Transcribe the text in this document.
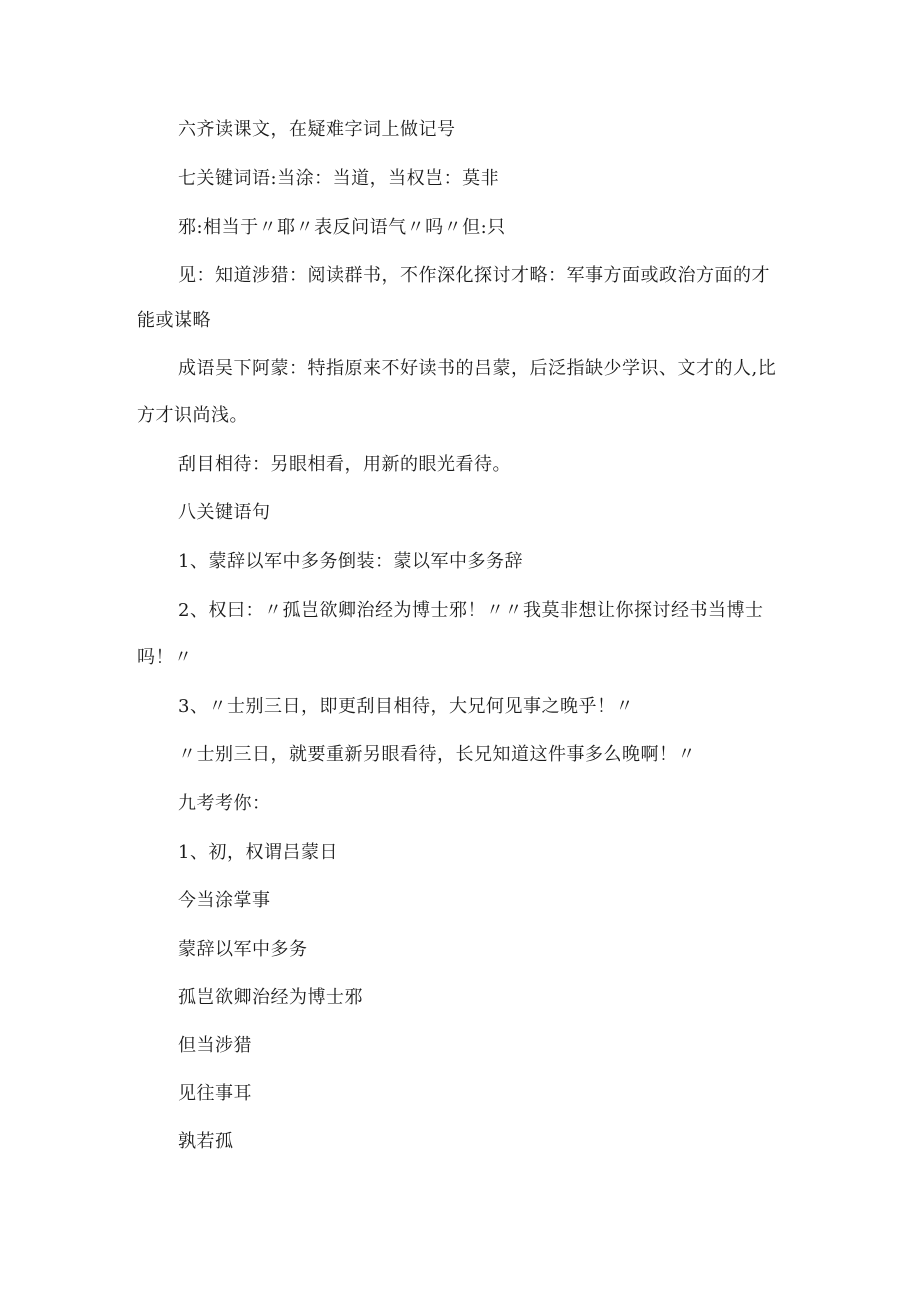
六齐读课文，在疑难字词上做记号
七关键词语:当涂：当道，当权岂：莫非
邪:相当于〃耶〃表反问语气〃吗〃但:只
见：知道涉猎：阅读群书，不作深化探讨才略：军事方面或政治方面的才
能或谋略
成语吴下阿蒙：特指原来不好读书的吕蒙，后泛指缺少学识、文才的人,比
方才识尚浅。
刮目相待：另眼相看，用新的眼光看待。
八关键语句
1、蒙辞以军中多务倒装：蒙以军中多务辞
2、权曰：〃孤岂欲卿治经为博士邪！〃〃我莫非想让你探讨经书当博士
吗！〃
3、〃士别三日，即更刮目相待，大兄何见事之晚乎！〃
〃士别三日，就要重新另眼看待，长兄知道这件事多么晚啊！〃
九考考你：
1、初，权谓吕蒙日
今当涂掌事
蒙辞以军中多务
孤岂欲卿治经为博士邪
但当涉猎
见往事耳
孰若孤
